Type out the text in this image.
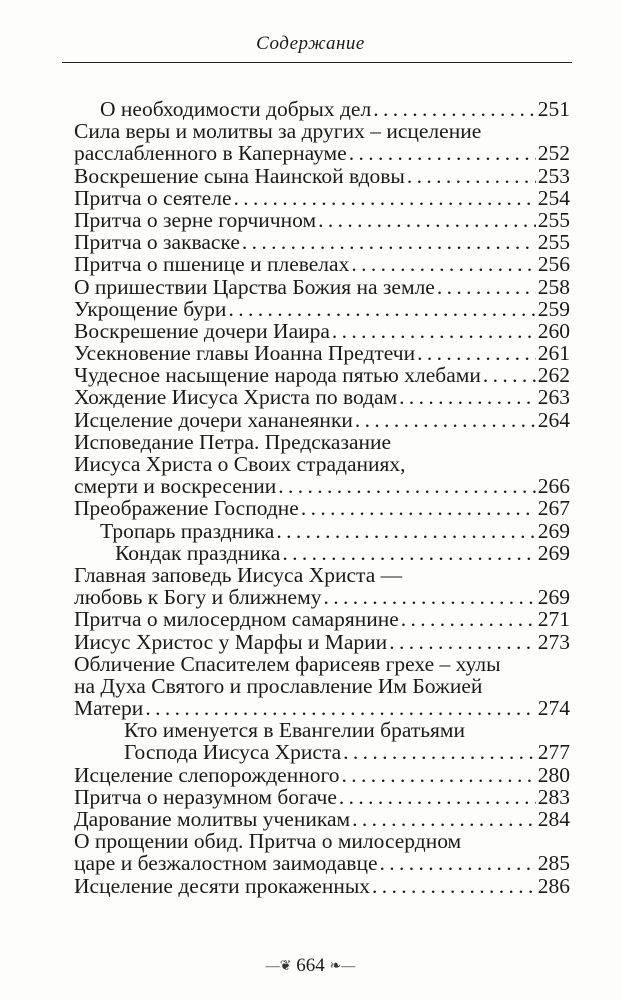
Содержание
О необходимости добрых дел . . .	251
Сила веры и молитвы за других – исцеление
расслабленного в Капернауме . . .	252
Воскрешение сына Наинской вдовы . . .	253
Притча о сеятеле . . .	254
Притча о зерне горчичном . . .	255
Притча о закваске . . .	255
Притча о пшенице и плевелах . . .	256
О пришествии Царства Божия на земле . . .	258
Укрощение бури . . .	259
Воскрешение дочери Иаира . . .	260
Усекновение главы Иоанна Предтечи . . .	261
Чудесное насыщение народа пятью хлебами . . .	262
Хождение Иисуса Христа по водам . . .	263
Исцеление дочери хананеянки . . .	264
Исповедание Петра. Предсказание
Иисуса Христа о Своих страданиях,
смерти и воскресении . . .	266
Преображение Господне . . .	267
Тропарь праздника . . .	269
Кондак праздника . . .	269
Главная заповедь Иисуса Христа —
любовь к Богу и ближнему . . .	269
Притча о милосердном самарянине . . .	271
Иисус Христос у Марфы и Марии . . .	273
Обличение Спасителем фарисеяв грехе – хулы
на Духа Святого и прославление Им Божией
Матери . . .	274
Кто именуется в Евангелии братьями
Господа Иисуса Христа . . .	277
Исцеление слепорожденного . . .	280
Притча о неразумном богаче . . .	283
Дарование молитвы ученикам . . .	284
О прощении обид. Притча о милосердном
царе и безжалостном заимодавце . . .	285
Исцеление десяти прокаженных . . .	286
—❦ 664 ❧—
